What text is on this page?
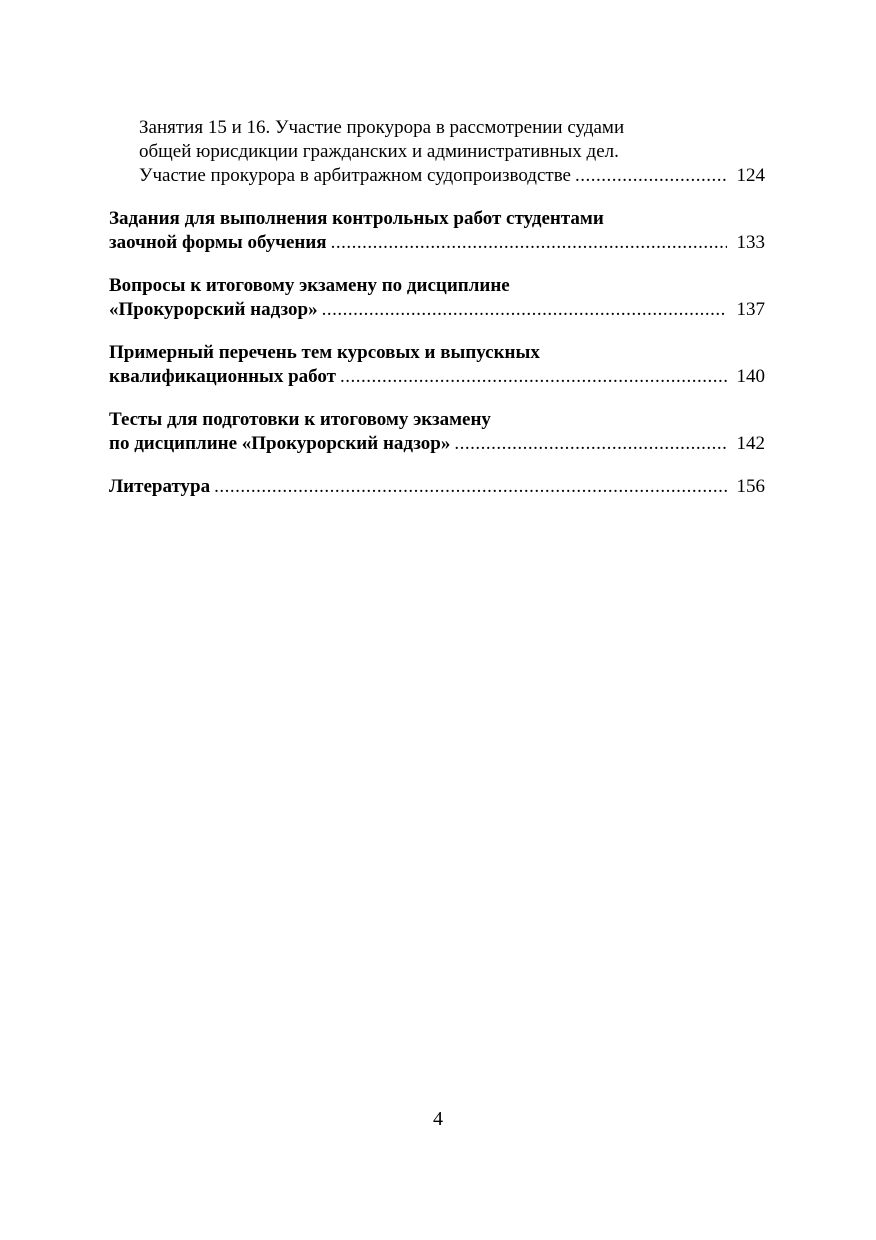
Занятия 15 и 16. Участие прокурора в рассмотрении судами
общей юрисдикции гражданских и административных дел.
Участие прокурора в арбитражном судопроизводстве .....	124
Задания для выполнения контрольных работ студентами
заочной формы обучения .....	133
Вопросы к итоговому экзамену по дисциплине
«Прокурорский надзор» .....	137
Примерный перечень тем курсовых и выпускных
квалификационных работ .....	140
Тесты для подготовки к итоговому экзамену
по дисциплине «Прокурорский надзор» .....	142
Литература .....	156
4
